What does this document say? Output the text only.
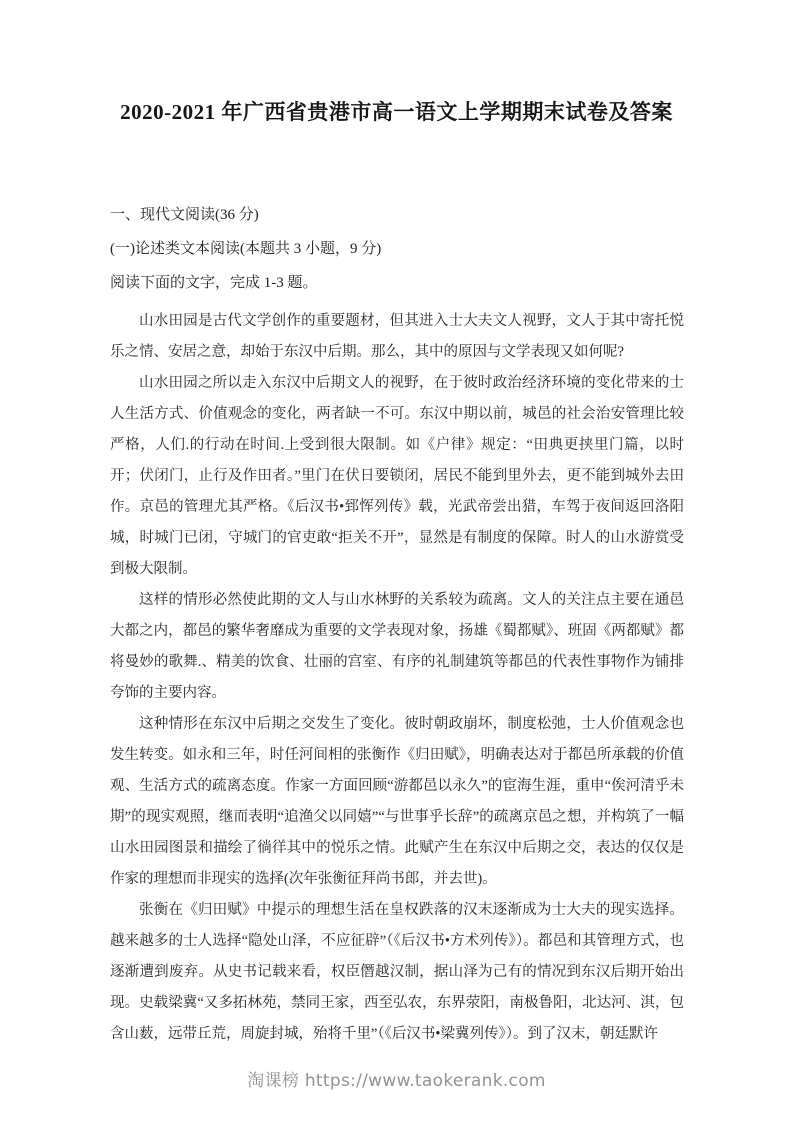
2020-2021 年广西省贵港市高一语文上学期期末试卷及答案
一、现代文阅读(36 分)
(一)论述类文本阅读(本题共 3 小题，9 分)
阅读下面的文字，完成 1-3 题。

山水田园是古代文学创作的重要题材，但其进入士大夫文人视野，文人于其中寄托悦乐之情、安居之意，却始于东汉中后期。那么，其中的原因与文学表现又如何呢?

山水田园之所以走入东汉中后期文人的视野，在于彼时政治经济环境的变化带来的士人生活方式、价值观念的变化，两者缺一不可。东汉中期以前，城邑的社会治安管理比较严格，人们.的行动在时间.上受到很大限制。如《户律》规定：“田典更挟里门篇，以时开；伏闭门，止行及作田者。”里门在伏日要锁闭，居民不能到里外去，更不能到城外去田作。京邑的管理尤其严格。《后汉书•郅恽列传》载，光武帝尝出猎，车驾于夜间返回洛阳城，时城门已闭，守城门的官吏敢“拒关不开”，显然是有制度的保障。时人的山水游赏受到极大限制。

这样的情形必然使此期的文人与山水林野的关系较为疏离。文人的关注点主要在通邑大都之内，都邑的繁华奢靡成为重要的文学表现对象，扬雄《蜀都赋》、班固《两都赋》都将曼妙的歌舞.、精美的饮食、壮丽的宫室、有序的礼制建筑等都邑的代表性事物作为铺排夸饰的主要内容。

这种情形在东汉中后期之交发生了变化。彼时朝政崩坏，制度松弛，士人价值观念也发生转变。如永和三年，时任河间相的张衡作《归田赋》，明确表达对于都邑所承载的价值观、生活方式的疏离态度。作家一方面回顾“游都邑以永久”的宦海生涯，重申“俟河清乎未期”的现实观照，继而表明“追渔父以同嬉”“与世事乎长辞”的疏离京邑之想，并构筑了一幅山水田园图景和描绘了徜徉其中的悦乐之情。此赋产生在东汉中后期之交，表达的仅仅是作家的理想而非现实的选择(次年张衡征拜尚书郎，并去世)。

张衡在《归田赋》中提示的理想生活在皇权跌落的汉末逐渐成为士大夫的现实选择。越来越多的士人选择“隐处山泽，不应征辟”（《后汉书•方术列传》）。都邑和其管理方式，也逐渐遭到废弃。从史书记载来看，权臣僭越汉制，据山泽为己有的情况到东汉后期开始出现。史载梁冀“又多拓林苑，禁同王家，西至弘农，东界荥阳，南极鲁阳，北达河、淇，包含山薮，远带丘荒，周旋封城，殆将千里”（《后汉书•梁冀列传》）。到了汉末，朝廷默许

淘课榜 https://www.taokerank.com
